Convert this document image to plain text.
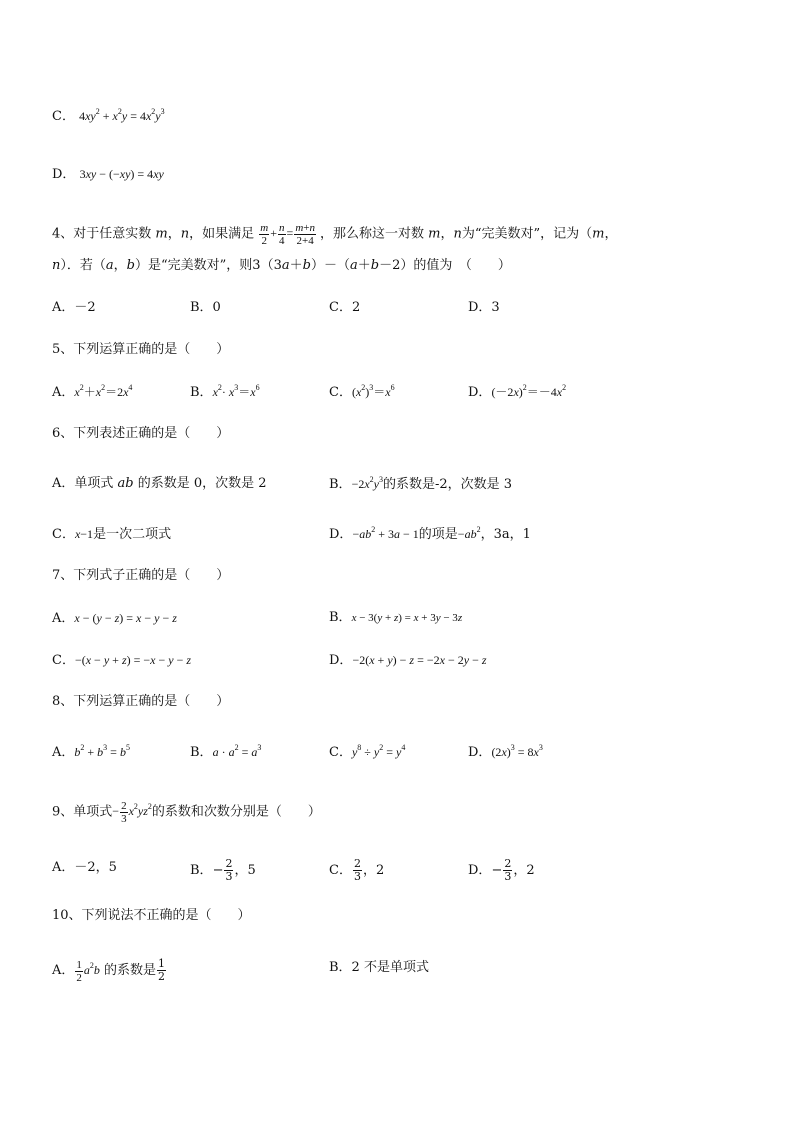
C． $4xy^2 + x^2y = 4x^2y^3$
D． 3xy − (−xy) = 4xy
4、对于任意实数 m，n，如果满足 $\frac{m}{2} + \frac{n}{4} = \frac{m+n}{2+4}$ ，那么称这一对数 m，n为“完美数对”，记为（m，
n）．若（a，b）是“完美数对”，则3（3a＋b）－（a＋b－2）的值为　（　　）
A．－2	B．0	C．2	D．3
5、下列运算正确的是（　　）
A．$x^2+x^2=2x^4$	B．$x^2\cdot x^3=x^6$	C．$(x^2)^3=x^6$	D．$(-2x)^2=-4x^2$
6、下列表述正确的是（　　）
A．单项式 ab 的系数是 0，次数是 2	B．$-2x^2y^3$的系数是-2，次数是 3
C．x−1是一次二项式	D．$-ab^2 + 3a - 1$的项是$-ab^2$，3a，1
7、下列式子正确的是（　　）
A．x − (y − z) = x − y − z	B．x − 3(y + z) = x + 3y − 3z
C．−(x − y + z) = −x − y − z	D．−2(x + y) − z = −2x − 2y − z
8、下列运算正确的是（　　）
A．$b^2 + b^3 = b^5$	B．$a \cdot a^2 = a^3$	C．$y^8 \div y^2 = y^4$	D．$(2x)^3 = 8x^3$
9、单项式− $\frac{2}{3} x^2yz^2$的系数和次数分别是（　　）
A．－2，5	B．− $\frac{2}{3}$ ，5	C． $\frac{2}{3}$ ，2	D．− $\frac{2}{3}$ ，2
10、下列说法不正确的是（　　）
A． $\frac{1}{2} a^2b$ 的系数是 $\frac{1}{2}$	B．2 不是单项式
